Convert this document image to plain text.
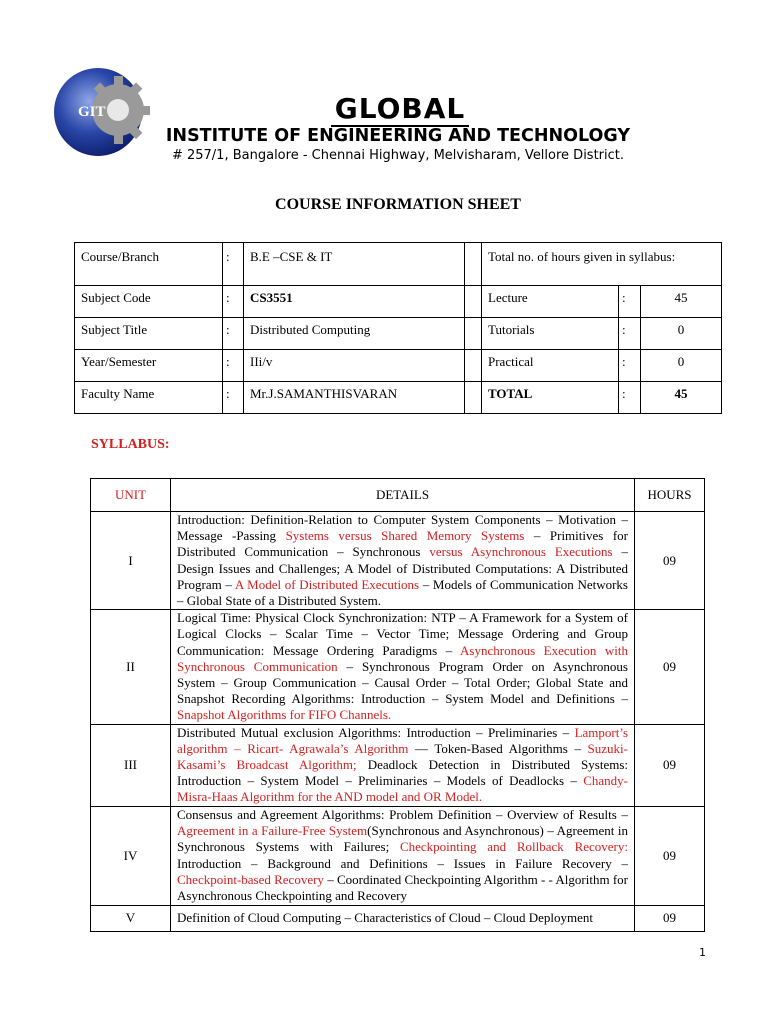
GIT	GLOBAL
INSTITUTE OF ENGINEERING AND TECHNOLOGY
# 257/1, Bangalore - Chennai Highway, Melvisharam, Vellore District.
COURSE INFORMATION SHEET
Course/Branch	:	B.E –CSE & IT		Total no. of hours given in syllabus:		
Subject Code	:	CS3551		Lecture	:	45
Subject Title	:	Distributed Computing		Tutorials	:	0
Year/Semester	:	IIi/v		Practical	:	0
Faculty Name	:	Mr.J.SAMANTHISVARAN		TOTAL	:	45
SYLLABUS:
UNIT	DETAILS	HOURS
I	Introduction: Definition-Relation to Computer System Components – Motivation – Message -Passing Systems versus Shared Memory Systems – Primitives for Distributed Communication – Synchronous versus Asynchronous Executions – Design Issues and Challenges; A Model of Distributed Computations: A Distributed Program – A Model of Distributed Executions – Models of Communication Networks – Global State of a Distributed System.	09
II	Logical Time: Physical Clock Synchronization: NTP – A Framework for a System of Logical Clocks – Scalar Time – Vector Time; Message Ordering and Group Communication: Message Ordering Paradigms – Asynchronous Execution with Synchronous Communication – Synchronous Program Order on Asynchronous System – Group Communication – Causal Order – Total Order; Global State and Snapshot Recording Algorithms: Introduction – System Model and Definitions – Snapshot Algorithms for FIFO Channels.	09
III	Distributed Mutual exclusion Algorithms: Introduction – Preliminaries – Lamport’s algorithm – Ricart- Agrawala’s Algorithm –– Token-Based Algorithms – Suzuki-Kasami’s Broadcast Algorithm; Deadlock Detection in Distributed Systems: Introduction – System Model – Preliminaries – Models of Deadlocks – Chandy-Misra-Haas Algorithm for the AND model and OR Model.	09
IV	Consensus and Agreement Algorithms: Problem Definition – Overview of Results – Agreement in a Failure-Free System(Synchronous and Asynchronous) – Agreement in Synchronous Systems with Failures; Checkpointing and Rollback Recovery: Introduction – Background and Definitions – Issues in Failure Recovery – Checkpoint-based Recovery – Coordinated Checkpointing Algorithm - - Algorithm for Asynchronous Checkpointing and Recovery	09
V	Definition of Cloud Computing – Characteristics of Cloud – Cloud Deployment	09
1
